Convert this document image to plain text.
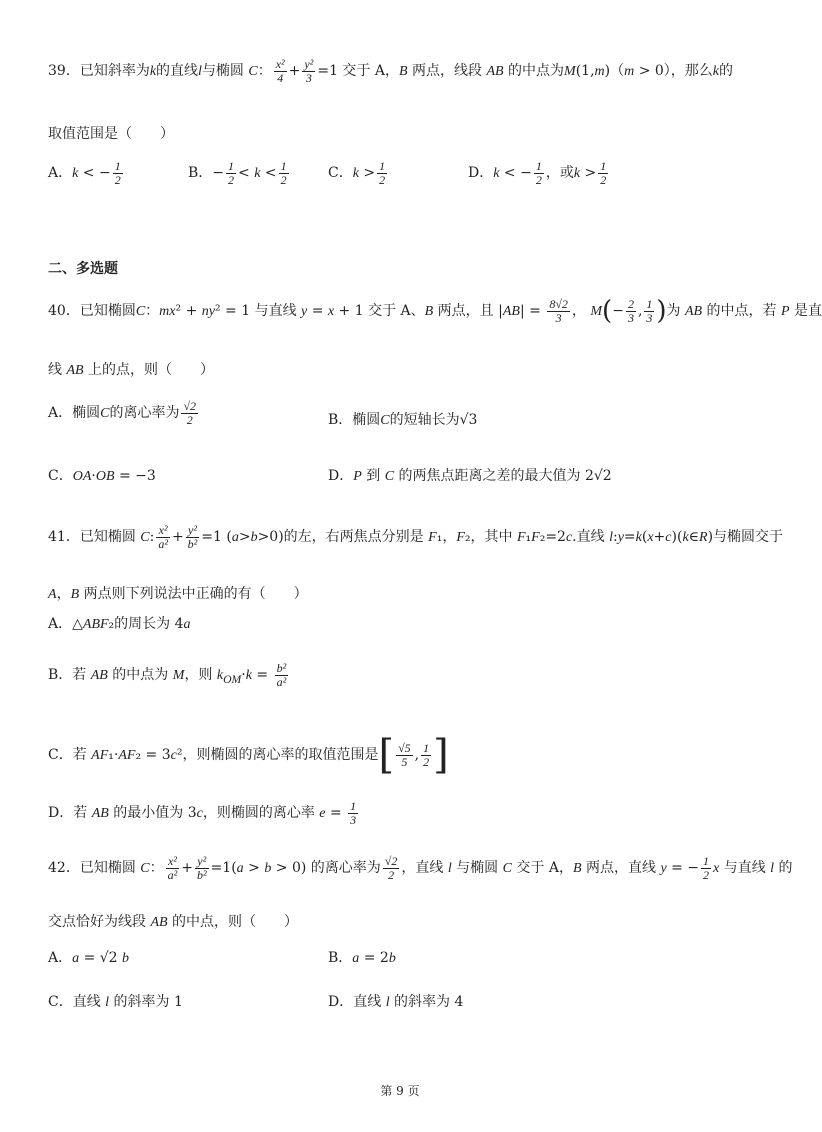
39．已知斜率为k的直线l与椭圆 C： $\frac{\text{x²}}{4} + \frac{\text{y²}}{3} =1$ 交于 A，B 两点，线段 AB 的中点为M(1,m)（m > 0），那么k的
取值范围是（　　）
A．k < − $\frac{1}{2}$	B．− $\frac{1}{2} < k < \frac{1}{2}$	C．$k > \frac{1}{2}$	D．k < − $\frac{1}{2}$ ，或$k > \frac{1}{2}$
二、多选题
40．已知椭圆C：mx² + ny² = 1 与直线 y = x + 1 交于 A、B 两点，且 $|AB| = \frac{8√2}{3}$ ， $M(- \frac{2}{3}$ , $\frac{1}{3}$ )为 AB 的中点，若 P 是直
线 AB 上的点，则（　　）
A．椭圆C的离心率为 $\frac{√2}{2}$	B．椭圆C的短轴长为√3
C．OA·OB = −3	D．P 到 C 的两焦点距离之差的最大值为 2√2
41．已知椭圆 C: $\frac{\text{x²}}{\text{a²}} + \frac{\text{y²}}{\text{b²}} =1$ (a>b>0)的左，右两焦点分别是 F₁，F₂，其中 F₁F₂=2c.直线 l:y=k(x+c)(k∈R)与椭圆交于
A，B 两点则下列说法中正确的有（　　）
A．△ABF₂的周长为 4a
B．若 AB 的中点为 M，则 $k_{OM}\cdot k = \frac{\text{b²}}{\text{a²}}$
C．若 AF₁·AF₂ = 3c²，则椭圆的离心率的取值范围是[ $\frac{√5}{5}$ , $\frac{1}{2}$ ]
D．若 AB 的最小值为 3c，则椭圆的离心率 $e = \frac{1}{3}$
42．已知椭圆 C： $\frac{\text{x²}}{\text{a²}} + \frac{\text{y²}}{\text{b²}} =1(a > b > 0)$ 的离心率为 $\frac{√2}{2}$ ，直线 l 与椭圆 C 交于 A，B 两点，直线 y = − $\frac{1}{2}$ x 与直线 l 的
交点恰好为线段 AB 的中点，则（　　）
A．a = √2 b	B．a = 2b
C．直线 l 的斜率为 1	D．直线 l 的斜率为 4
第 9 页
